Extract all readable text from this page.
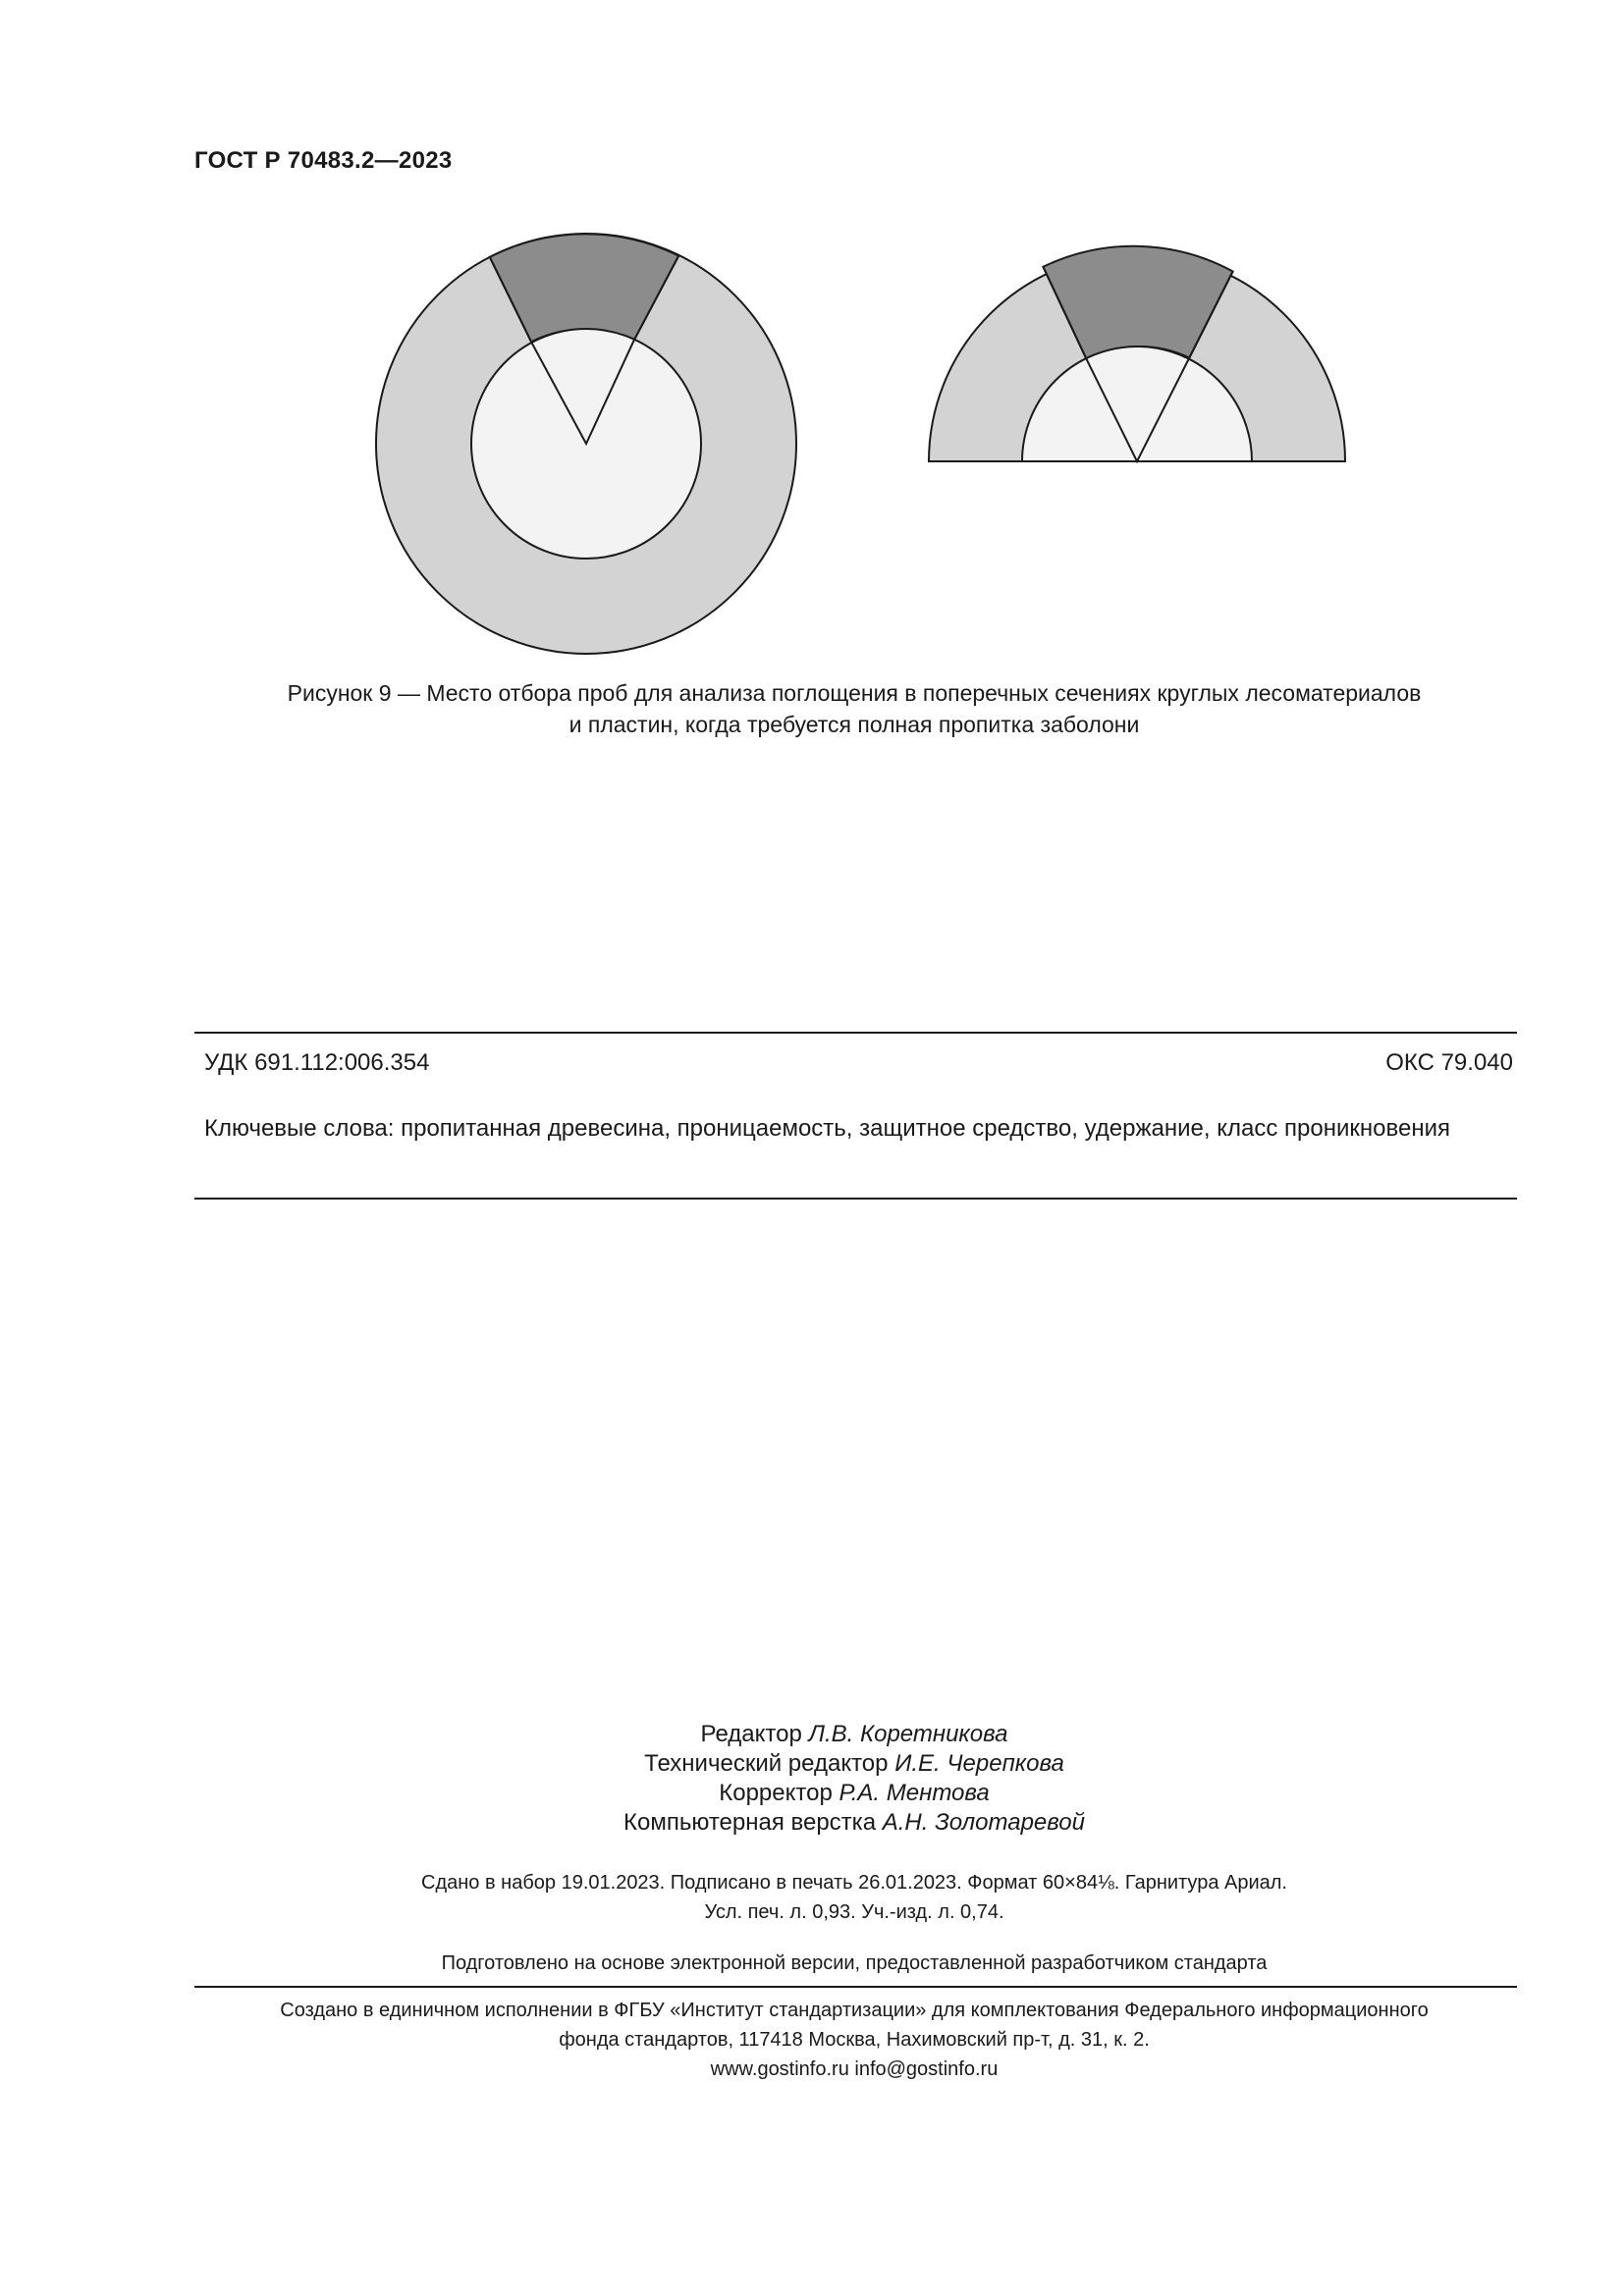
ГОСТ Р 70483.2—2023
Рисунок 9 — Место отбора проб для анализа поглощения в поперечных сечениях круглых лесоматериалов
и пластин, когда требуется полная пропитка заболони
УДК 691.112:006.354	ОКС 79.040
Ключевые слова: пропитанная древесина, проницаемость, защитное средство, удержание, класс проникновения
Редактор Л.В. Коретникова
Технический редактор И.Е. Черепкова
Корректор Р.А. Ментова
Компьютерная верстка А.Н. Золотаревой
Сдано в набор 19.01.2023. Подписано в печать 26.01.2023. Формат 60×84⅛. Гарнитура Ариал.
Усл. печ. л. 0,93. Уч.-изд. л. 0,74.
Подготовлено на основе электронной версии, предоставленной разработчиком стандарта
Создано в единичном исполнении в ФГБУ «Институт стандартизации» для комплектования Федерального информационного
фонда стандартов, 117418 Москва, Нахимовский пр-т, д. 31, к. 2.
www.gostinfo.ru info@gostinfo.ru
